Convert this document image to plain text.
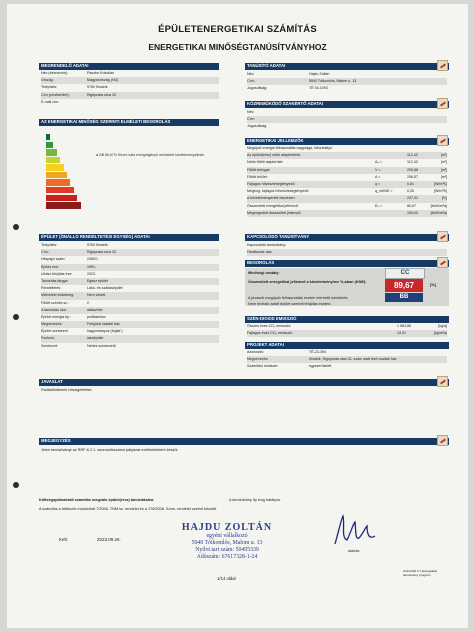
ÉPÜLETENERGETIKAI SZÁMÍTÁS
ENERGETIKAI MINŐSÉGTANÚSÍTVÁNYHOZ
MEGRENDELŐ ADATAI
Név (elnevezés):	Pásztor Krisztián
Ország:	Magyarország (HU)
Település:	9760 Kisdelk
Cím (cím/kerület):	Rigóposta utca 32.
E-mail cím:
TANÚSÍTÓ ADATAI
Név:	Hajdu Zoltán
Cím:	5940 Tótkomlós, Malom u. 13
Jogosultság:	TÉ 04-1093
KÖZREMŰKÖDŐ SZAKÉRTŐ ADATAI
Név:
Cím:
Jogosultság:
AZ ENERGETIKAI MINŐSÉG SZERINTI ELMÉLETI BESOROLÁS
◄ BB 89,67% Közel nulla energiaigényű minősített követelményeknek
ENERGETIKAI JELLEMZŐK
Megújuló energia felhasználás nagysága, hőszivattyú
Az épület(rész) nettó alapterülete:	112,42	[m²]
Nettó fűtött alapterület:	Aₙ =	112,42	[m²]
Fűtött térfogat:	V =	290,88	[m³]
Fűtött felület:	A =	256,57	[m²]
Fajlagos hőveszteségtényező:	q =	0,81	[W/m³K]
Megeng. fajlagos hőveszteségtényező:	q_mKNE =	0,26	[W/m³K]
A követelményérték összesen:	237,31	[%]
Összesített energetikai jellemző:	Eₚ =	80,67	[kWh/m²a]
Megengedett összesített jellemző:	100,00	[kWh/m²a]
ÉPÜLET (ÖNÁLLÓ RENDELTETÉSI EGYSÉG) ADATAI
Település:	9760 Kisdelk
Cím:	Rigóposta utca 32.
Helyrajzi szám:	2482/1
Építés éve:	1991.
Utolsó felújítás éve:	2023.
Tanúsítás tárgya:	Egész épület
Rendeltetés:	Lakó- és szállásépület
Műemléki védettség:	Nem védett
Fűtött szintek sz.:	2
A tanúsítás oka:	adásvétel
Épület energia tip.:	polifázishoz
Megnevezés:	Felújított családi ház
Épület szerkezet:	hagyományos (téglaf.)
Funkció:	lakóépület
Szerkezet:	Nehéz szerkezetű
KAPCSOLÓDÓ TANÚSÍTVÁNY
Kapcsolódó tanúsítvány:
Hivatkozás oka:
BESOROLÁS
Minőségi osztály:	CC
Összesített energetikai jellemző a követelményhez %-ában (KNE):	89,67	[%]
BB
A javasolt megújuló felhasználás esetén elérhető minősítés:
Nem hívható adott épület szerinti felújítás esetén:
SZÉN-DIOXID EMISSZIÓ
Összes éves CO₂ emisszió:	1 583,86	[kg/a]
Fajlagos éves CO₂ emisszió:	13,91	[kg/m²a]
PROJEKT ADATAI
Azonosító:	TÉ-23-394
Megnevezés:	Kisdelk, Rigóposta utca 32. szám alatt lévő családi ház
Számítási módszer:	egyszerűsített
JAVASLAT
Padlásfödémek hőszigetelése.
MEGJEGYZÉS
Jelen tanúsítványt az RRF-6.2.1. azonosítószámú pályázat mellékleteként készül.
Költségoptimalizált számítás megválo épület(rész) tanúsítására.	A tanúsítvány 5y évig hatályos.
A számítás a többször módosított 7/2006. TNM sz. rendelet és a 176/2008. Korm. rendelet szerint készült.
Kelt:	2023.09.26.
HAJDU ZOLTÁN
egyéni vállalkozó
5940 Tótkomlós, Malom u. 13
Nyilvt.tart szám: 50495339
Adószám: 67617328-1-24
aláírás
1/14 oldal
ArchiCAD 2.7 Energetikai tanúsítvány program
